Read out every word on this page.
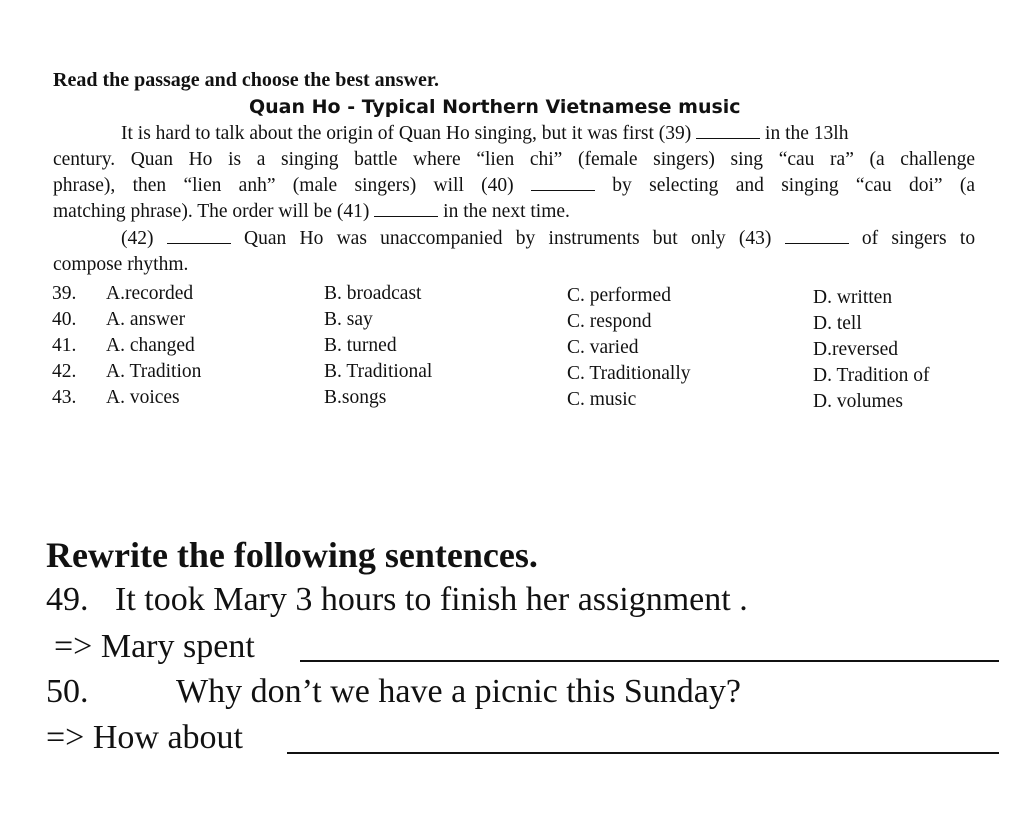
Read the passage and choose the best answer.
Quan Ho - Typical Northern Vietnamese music
It is hard to talk about the origin of Quan Ho singing, but it was first (39)	in the 13lh
century. Quan Ho is a singing battle where “lien chi” (female singers) sing “cau ra” (a challenge
phrase), then “lien anh” (male singers) will (40)	by selecting and singing “cau doi” (a
matching phrase). The order will be (41)	in the next time.
(42)	Quan Ho was unaccompanied by instruments but only (43)	of singers to
compose rhythm.
39. A.recorded	B. broadcast	C. performed	D. written
40. A. answer	B. say	C. respond	D. tell
41. A. changed	B. turned	C. varied	D.reversed
42. A. Tradition	B. Traditional	C. Traditionally	D. Tradition of
43. A. voices	B.songs	C. music	D. volumes
Rewrite the following sentences.
49. It took Mary 3 hours to finish her assignment .
=> Mary spent
50.	Why don’t we have a picnic this Sunday?
=> How about
